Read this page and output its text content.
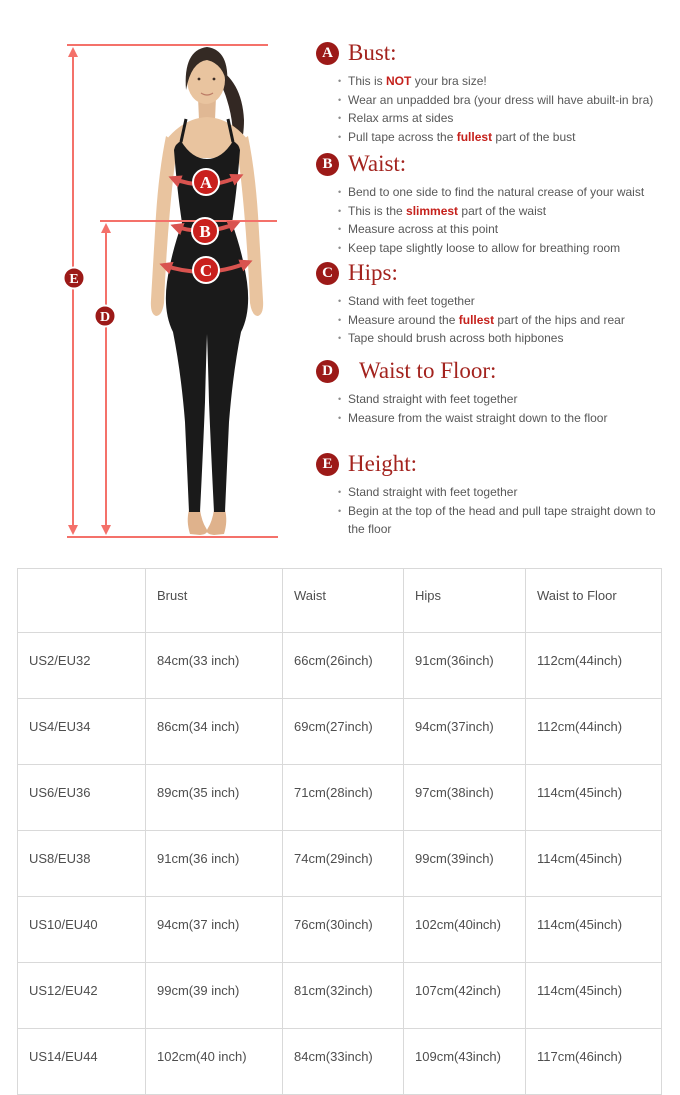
A
B
C
E
D
A Bust:
• This is NOT your bra size!
• Wear an unpadded bra (your dress will have abuilt-in bra)
• Relax arms at sides
• Pull tape across the fullest part of the bust
B Waist:
• Bend to one side to find the natural crease of your waist
• This is the slimmest part of the waist
• Measure across at this point
• Keep tape slightly loose to allow for breathing room
C Hips:
• Stand with feet together
• Measure around the fullest part of the hips and rear
• Tape should brush across both hipbones
D Waist to Floor:
• Stand straight with feet together
• Measure from the waist straight down to the floor
E Height:
• Stand straight with feet together
• Begin at the top of the head and pull tape straight down to the floor
	Brust	Waist	Hips	Waist to Floor
US2/EU32	84cm(33 inch)	66cm(26inch)	91cm(36inch)	112cm(44inch)
US4/EU34	86cm(34 inch)	69cm(27inch)	94cm(37inch)	112cm(44inch)
US6/EU36	89cm(35 inch)	71cm(28inch)	97cm(38inch)	114cm(45inch)
US8/EU38	91cm(36 inch)	74cm(29inch)	99cm(39inch)	114cm(45inch)
US10/EU40	94cm(37 inch)	76cm(30inch)	102cm(40inch)	114cm(45inch)
US12/EU42	99cm(39 inch)	81cm(32inch)	107cm(42inch)	114cm(45inch)
US14/EU44	102cm(40 inch)	84cm(33inch)	109cm(43inch)	117cm(46inch)
